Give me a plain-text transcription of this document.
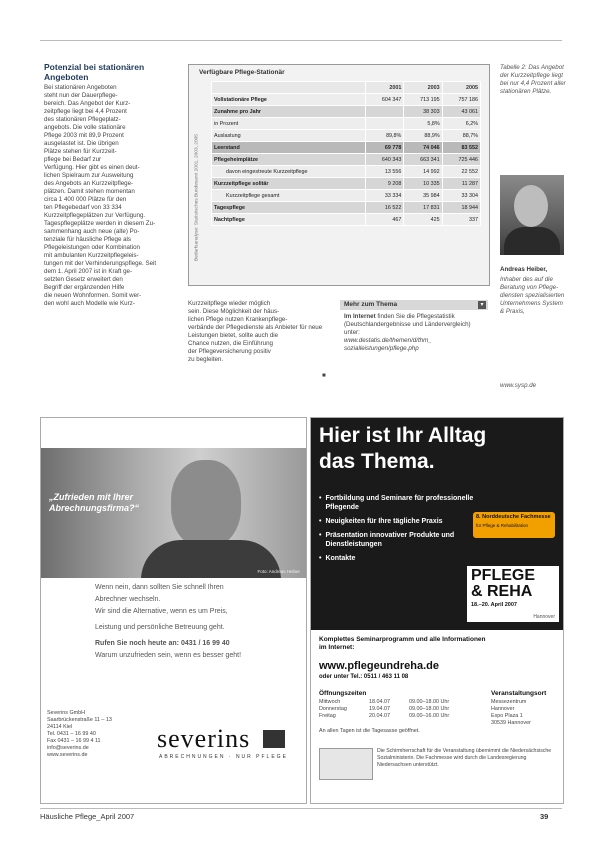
Potenzial bei stationären Angeboten
Bei stationären Angeboten
steht nun der Dauerpflege-
bereich. Das Angebot der Kurz-
zeitpflege liegt bei 4,4 Prozent
des stationären Pflegeplatz-
angebots. Die volle stationäre
Pflege 2003 mit 89,9 Prozent
ausgelastet ist. Die übrigen
Plätze stehen für Kurzzeit-
pflege bei Bedarf zur
Verfügung. Hier gibt es einen deut-
lichen Spielraum zur Ausweitung
des Angebots an Kurzzeitpflege-
plätzen. Damit stehen momentan
circa 1 400 000 Plätze für den
ten Pflegebedarf von 33 334
Kurzzeitpflegeplätzen zur Verfügung.
Tagespflegeplätze werden in diesem Zu-
sammenhang auch neue (alte) Po-
tenziale für häusliche Pflege als
Pflegeleistungen oder Kombination
mit ambulanten Kurzzeitpflegeleis-
tungen mit der Verhinderungspflege. Seit
dem 1. April 2007 ist in Kraft ge-
setzten Gesetz erweitert den
Begriff der ergänzenden Hilfe
die neuen Wohnformen. Somit wer-
den wohl auch Modelle wie Kurz-
Verfügbare Pflege-Stationär
Bedarfsanalyse: Statistisches Bundesamt 2001, 2003, 2005
	2001	2003	2005
Vollstationäre Pflege	604 347	713 195	757 186
Zunahme pro Jahr		38 303	43 061
in Prozent		5,8%	6,2%
Auslastung	89,8%	88,9%	88,7%
Leerstand	69 778	74 046	83 552
Pflegeheimplätze	640 343	663 341	725 446
davon eingestreute Kurzzeitpflege	13 556	14 992	22 552
Kurzzeitpflege solitär	9 208	10 335	11 287
Kurzzeitpflege gesamt	33 334	35 984	33 304
Tagespflege	16 522	17 831	18 944
Nachtpflege	467	425	337
Tabelle 2: Das Angebot der Kurzzeitpflege liegt bei nur 4,4 Prozent aller stationären Plätze.
Andreas Heiber,
Inhaber des auf die Beratung von Pflege-diensten spezialisierten Unternehmens System & Praxis,
www.sysp.de
Kurzzeitpflege wieder möglich
sein. Diese Möglichkeit der häus-
lichen Pflege nutzen Krankenpflege-
verbände der Pflegedienste als Anbieter für neue
Leistungen bietet, sollte auch die
Chance nutzen, die Einführung
der Pflegeversicherung positiv
zu begleiten.
■
Mehr zum Thema	▾
Im Internet finden Sie die Pflegestatistik (Deutschlandergebnisse und Ländervergleich) unter:
www.destatis.de/themen/d/thm_
sozialleistungen/pflege.php
„Zufrieden mit Ihrer Abrechnungsfirma?“
Foto: Andreas Heiber
Wenn nein, dann sollten Sie schnell Ihren
Abrechner wechseln.
Wir sind die Alternative, wenn es um Preis,
Leistung und persönliche Betreuung geht.
Rufen Sie noch heute an: 0431 / 16 99 40
Warum unzufrieden sein, wenn es besser geht!
Severins GmbH
Saarbrückenstraße 11 – 13
24114 Kiel
Tel. 0431 – 16 99 40
Fax 0431 – 16 99 4 11
info@severins.de
www.severins.de
severins
ABRECHNUNGEN · NUR PFLEGE
Hier ist Ihr Alltag
das Thema.
• Fortbildung und Seminare für professionelle Pflegende
• Neuigkeiten für Ihre tägliche Praxis
• Präsentation innovativer Produkte und Dienstleistungen
• Kontakte
8. Norddeutsche Fachmesse
für Pflege & Rehabilitation
PFLEGE
& REHA
18.–20. April 2007
Hannover
Komplettes Seminarprogramm und alle Informationen im Internet:
www.pflegeundreha.de
oder unter Tel.: 0511 / 463 11 08
Öffnungszeiten
Mittwoch	18.04.07	09.00–18.00 Uhr
Donnerstag	19.04.07	09.00–18.00 Uhr
Freitag	20.04.07	09.00–16.00 Uhr
An allen Tagen ist die Tagesasse geöffnet.
Veranstaltungsort
Messezentrum
Hannover
Expo Plaza 1
30539 Hannover
Die Schirmherrschaft für die Veranstaltung übernimmt die Niedersächsische Sozialministerin. Die Fachmesse wird durch die Landesregierung Niedersachsen unterstützt.
Häusliche Pflege_April 2007	39
